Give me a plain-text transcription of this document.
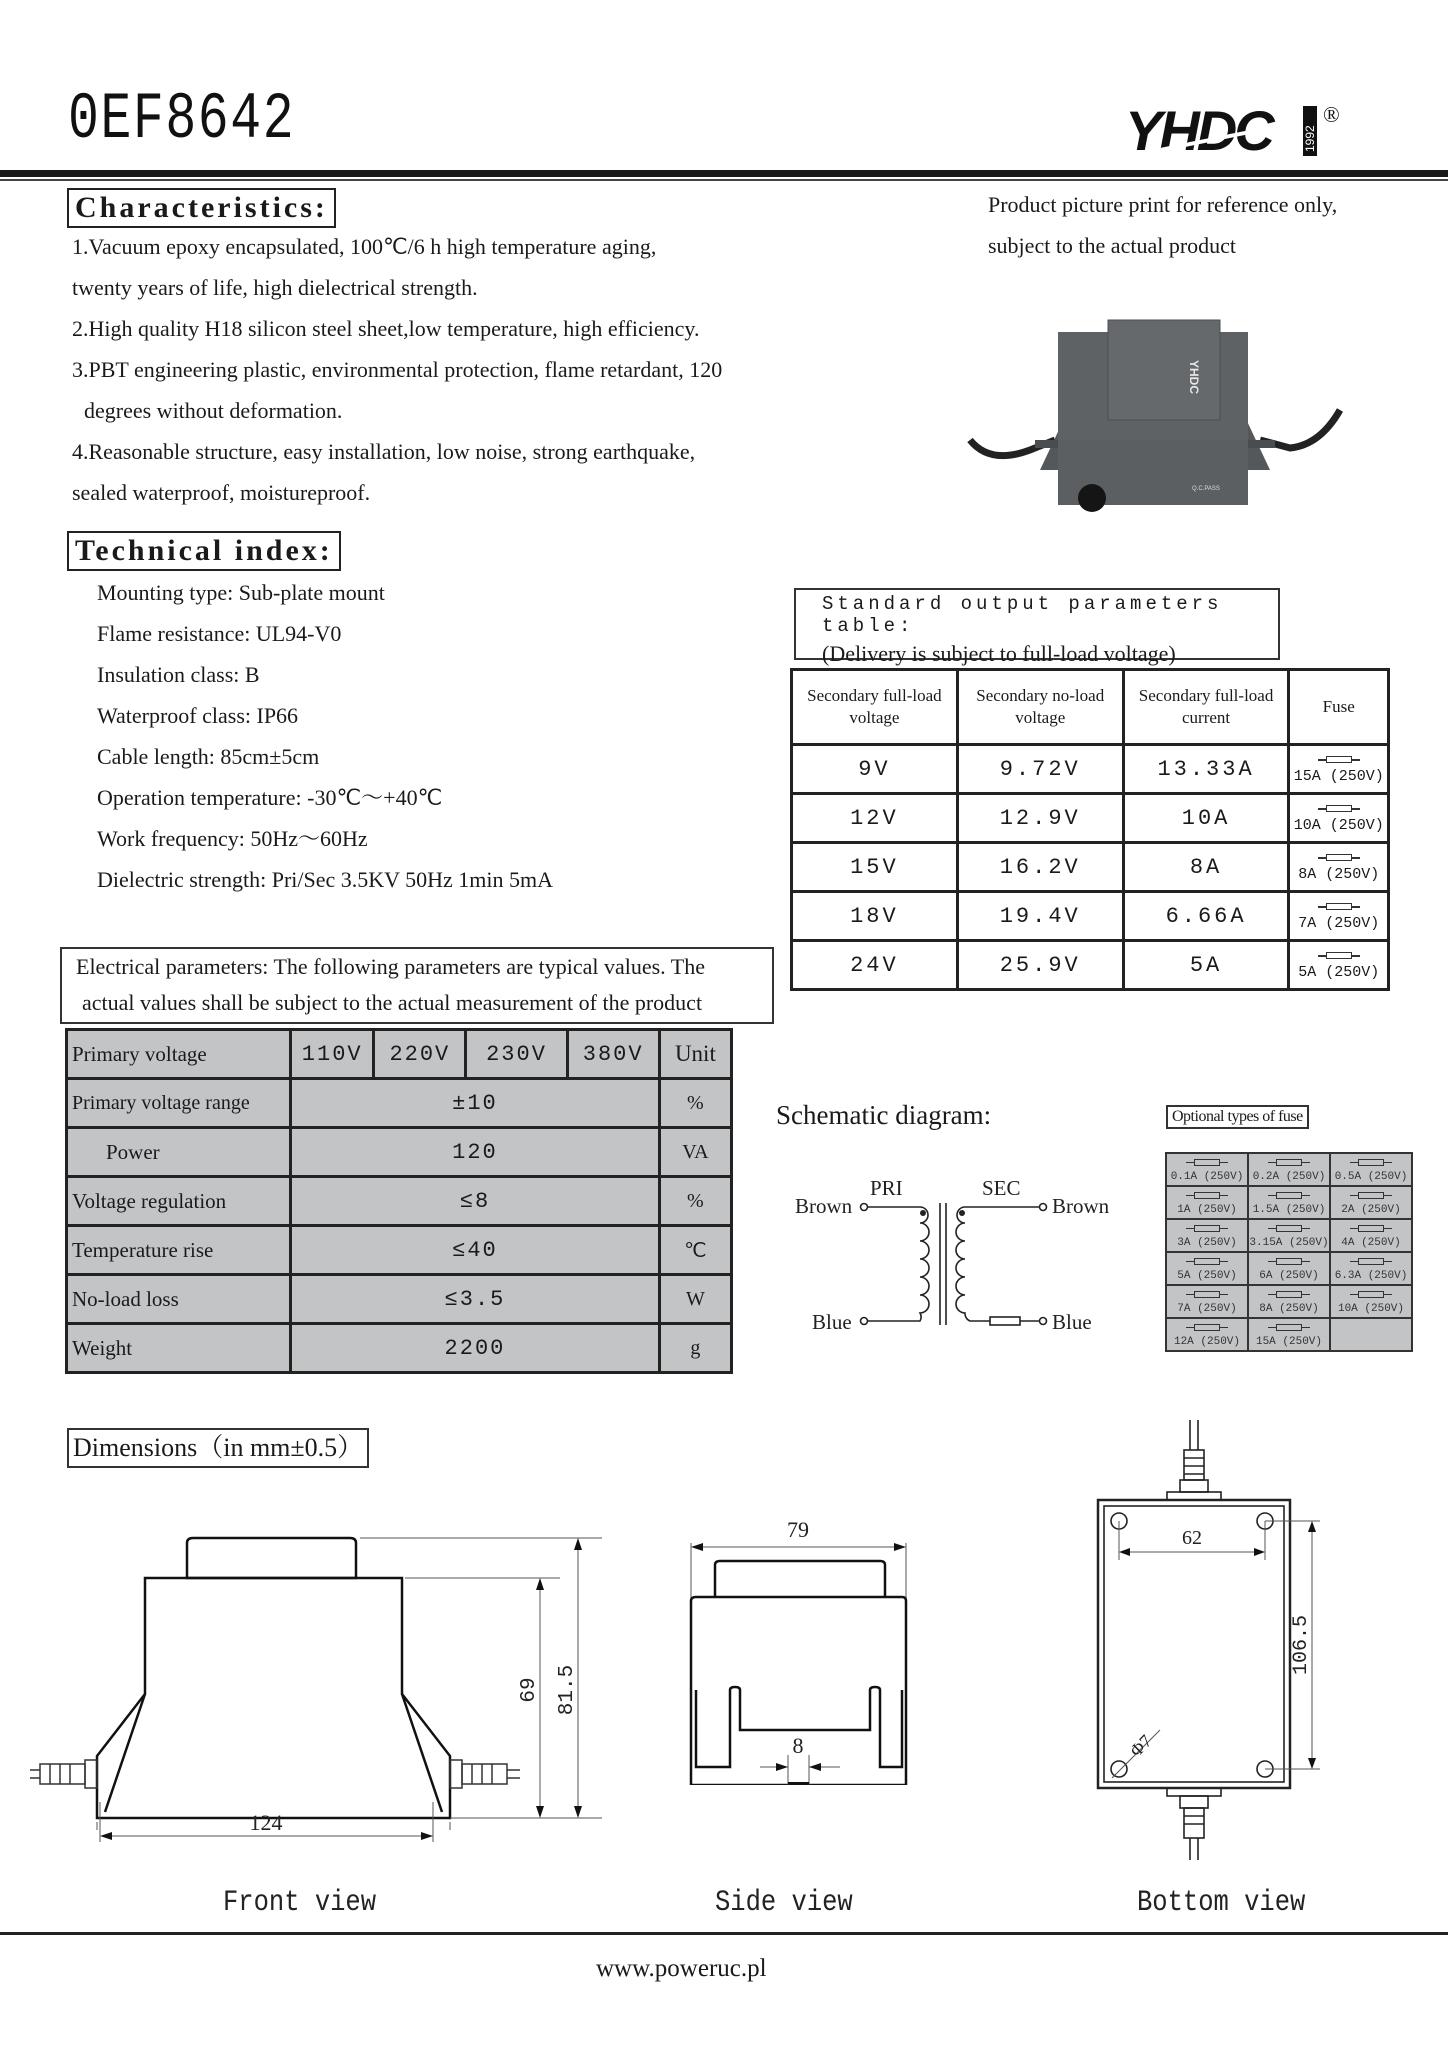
0EF8642	YHDC	1992
®
Characteristics:
1.Vacuum epoxy encapsulated, 100℃/6 h high temperature aging,
twenty years of life, high dielectrical strength.
2.High quality H18 silicon steel sheet,low temperature, high efficiency.
3.PBT engineering plastic, environmental protection, flame retardant, 120
degrees without deformation.
4.Reasonable structure, easy installation, low noise, strong earthquake,
sealed waterproof, moistureproof.
Product picture print for reference only,
subject to the actual product
YHDC
Q.C.PASS
Technical index:
Mounting type: Sub-plate mount
Flame resistance: UL94-V0
Insulation class: B
Waterproof class: IP66
Cable length: 85cm±5cm
Operation temperature: -30℃～+40℃
Work frequency: 50Hz～60Hz
Dielectric strength: Pri/Sec 3.5KV 50Hz 1min 5mA
Standard output parameters table:
(Delivery is subject to full-load voltage)
Secondary full-load voltage	Secondary no-load voltage	Secondary full-load current	Fuse
9V	9.72V	13.33A	15A (250V)
12V	12.9V	10A	10A (250V)
15V	16.2V	8A	8A (250V)
18V	19.4V	6.66A	7A (250V)
24V	25.9V	5A	5A (250V)
Electrical parameters: The following parameters are typical values. The
actual values shall be subject to the actual measurement of the product
Primary voltage	110V	220V	230V	380V	Unit
Primary voltage range	±10				%
Power	120				VA
Voltage regulation	≤8				%
Temperature rise	≤40				℃
No-load loss	≤3.5				W
Weight	2200				g
Schematic diagram:
PRI	SEC
Brown
Blue
Brown
Blue
Optional types of fuse

0.1A (250V)	0.2A (250V)	0.5A (250V)

1A (250V)	1.5A (250V)	2A (250V)

3A (250V)	3.15A (250V)	4A (250V)

5A (250V)	6A (250V)	6.3A (250V)

7A (250V)	8A (250V)	10A (250V)

12A (250V)	15A (250V)	
Dimensions（in mm±0.5）
69 81.5
124
79
8
62
106.5
Φ7
Front view	Side view	Bottom view
www.poweruc.pl
